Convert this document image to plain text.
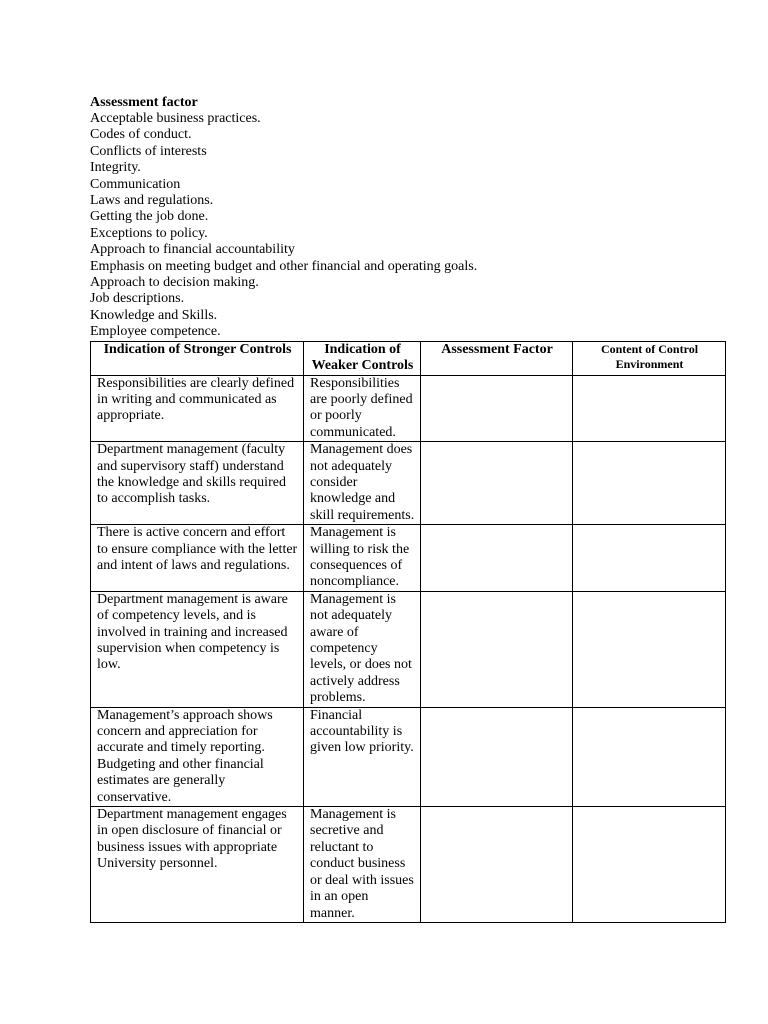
Assessment factor

Acceptable business practices.
Codes of conduct.
Conflicts of interests
Integrity.
Communication
Laws and regulations.
Getting the job done.
Exceptions to policy.
Approach to financial accountability
Emphasis on meeting budget and other financial and operating goals.
Approach to decision making.
Job descriptions.
Knowledge and Skills.
Employee competence.
Indication of Stronger Controls	Indication of Weaker Controls	Assessment Factor	Content of Control Environment
Responsibilities are clearly defined in writing and communicated as appropriate.	Responsibilities are poorly defined or poorly communicated.		
Department management (faculty and supervisory staff) understand the knowledge and skills required to accomplish tasks.	Management does not adequately consider knowledge and skill requirements.		
There is active concern and effort to ensure compliance with the letter and intent of laws and regulations.	Management is willing to risk the consequences of noncompliance.		
Department management is aware of competency levels, and is involved in training and increased supervision when competency is low.	Management is not adequately aware of competency levels, or does not actively address problems.		
Management’s approach shows concern and appreciation for accurate and timely reporting. Budgeting and other financial estimates are generally conservative.	Financial accountability is given low priority.		
Department management engages in open disclosure of financial or business issues with appropriate University personnel.	Management is secretive and reluctant to conduct business or deal with issues in an open manner.		
